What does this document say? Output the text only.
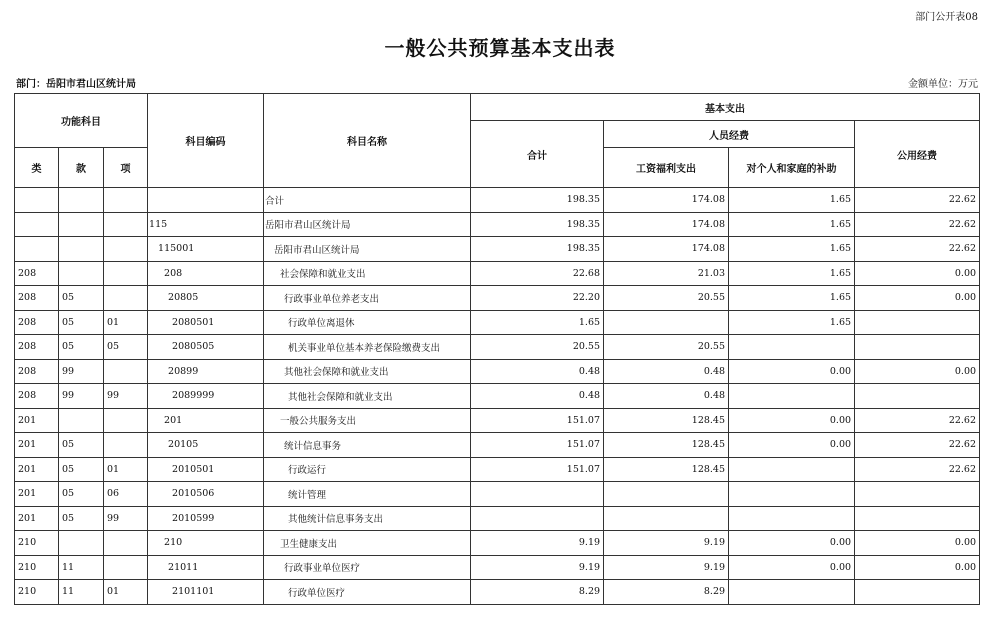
部门公开表08
一般公共预算基本支出表
部门：岳阳市君山区统计局	金额单位：万元
功能科目			科目编码	科目名称	基本支出			
					合计	人员经费		公用经费
类	款	项				工资福利支出	对个人和家庭的补助	
				合计	198.35	174.08	1.65	22.62
			115	岳阳市君山区统计局	198.35	174.08	1.65	22.62
			115001	岳阳市君山区统计局	198.35	174.08	1.65	22.62
208			208	社会保障和就业支出	22.68	21.03	1.65	0.00
208	05		20805	行政事业单位养老支出	22.20	20.55	1.65	0.00
208	05	01	2080501	行政单位离退休	1.65		1.65	
208	05	05	2080505	机关事业单位基本养老保险缴费支出	20.55	20.55		
208	99		20899	其他社会保障和就业支出	0.48	0.48	0.00	0.00
208	99	99	2089999	其他社会保障和就业支出	0.48	0.48		
201			201	一般公共服务支出	151.07	128.45	0.00	22.62
201	05		20105	统计信息事务	151.07	128.45	0.00	22.62
201	05	01	2010501	行政运行	151.07	128.45		22.62
201	05	06	2010506	统计管理				
201	05	99	2010599	其他统计信息事务支出				
210			210	卫生健康支出	9.19	9.19	0.00	0.00
210	11		21011	行政事业单位医疗	9.19	9.19	0.00	0.00
210	11	01	2101101	行政单位医疗	8.29	8.29		
